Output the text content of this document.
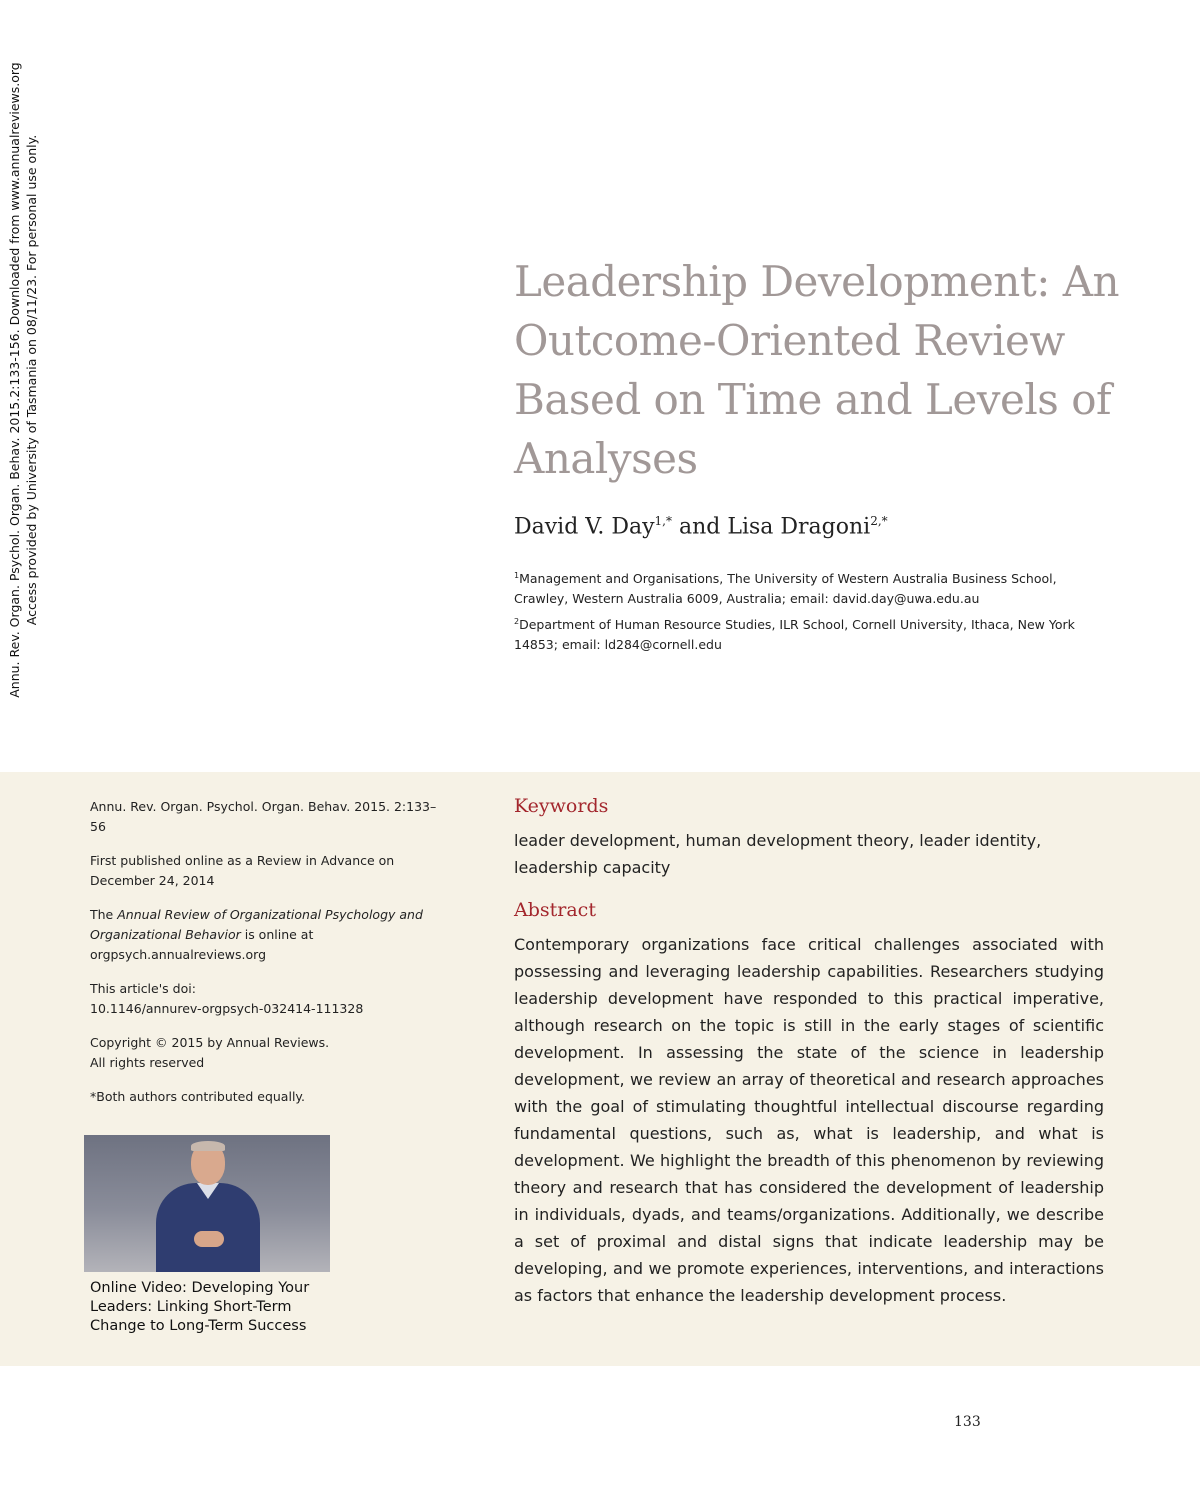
Annu. Rev. Organ. Psychol. Organ. Behav. 2015.2:133-156. Downloaded from www.annualreviews.org Access provided by University of Tasmania on 08/11/23. For personal use only.	Leadership Development: An Outcome-Oriented Review Based on Time and Levels of Analyses
David V. Day$^{1,*}$ and Lisa Dragoni$^{2,*}$
$^1$Management and Organisations, The University of Western Australia Business School, Crawley, Western Australia 6009, Australia; email: david.day@uwa.edu.au
$^2$Department of Human Resource Studies, ILR School, Cornell University, Ithaca, New York 14853; email: ld284@cornell.edu

Annu. Rev. Organ. Psychol. Organ. Behav. 2015. 2:133–56

First published online as a Review in Advance on December 24, 2014

The Annual Review of Organizational Psychology and Organizational Behavior is online at orgpsych.annualreviews.org

This article's doi:
10.1146/annurev-orgpsych-032414-111328

Copyright © 2015 by Annual Reviews.
All rights reserved

*Both authors contributed equally.

Online Video: Developing Your Leaders: Linking Short-Term Change to Long-Term Success
Keywords

leader development, human development theory, leader identity, leadership capacity

Abstract

Contemporary organizations face critical challenges associated with possessing and leveraging leadership capabilities. Researchers studying leadership development have responded to this practical imperative, although research on the topic is still in the early stages of scientific development. In assessing the state of the science in leadership development, we review an array of theoretical and research approaches with the goal of stimulating thoughtful intellectual discourse regarding fundamental questions, such as, what is leadership, and what is development. We highlight the breadth of this phenomenon by reviewing theory and research that has considered the development of leadership in individuals, dyads, and teams/organizations. Additionally, we describe a set of proximal and distal signs that indicate leadership may be developing, and we promote experiences, interventions, and interactions as factors that enhance the leadership development process.

133
